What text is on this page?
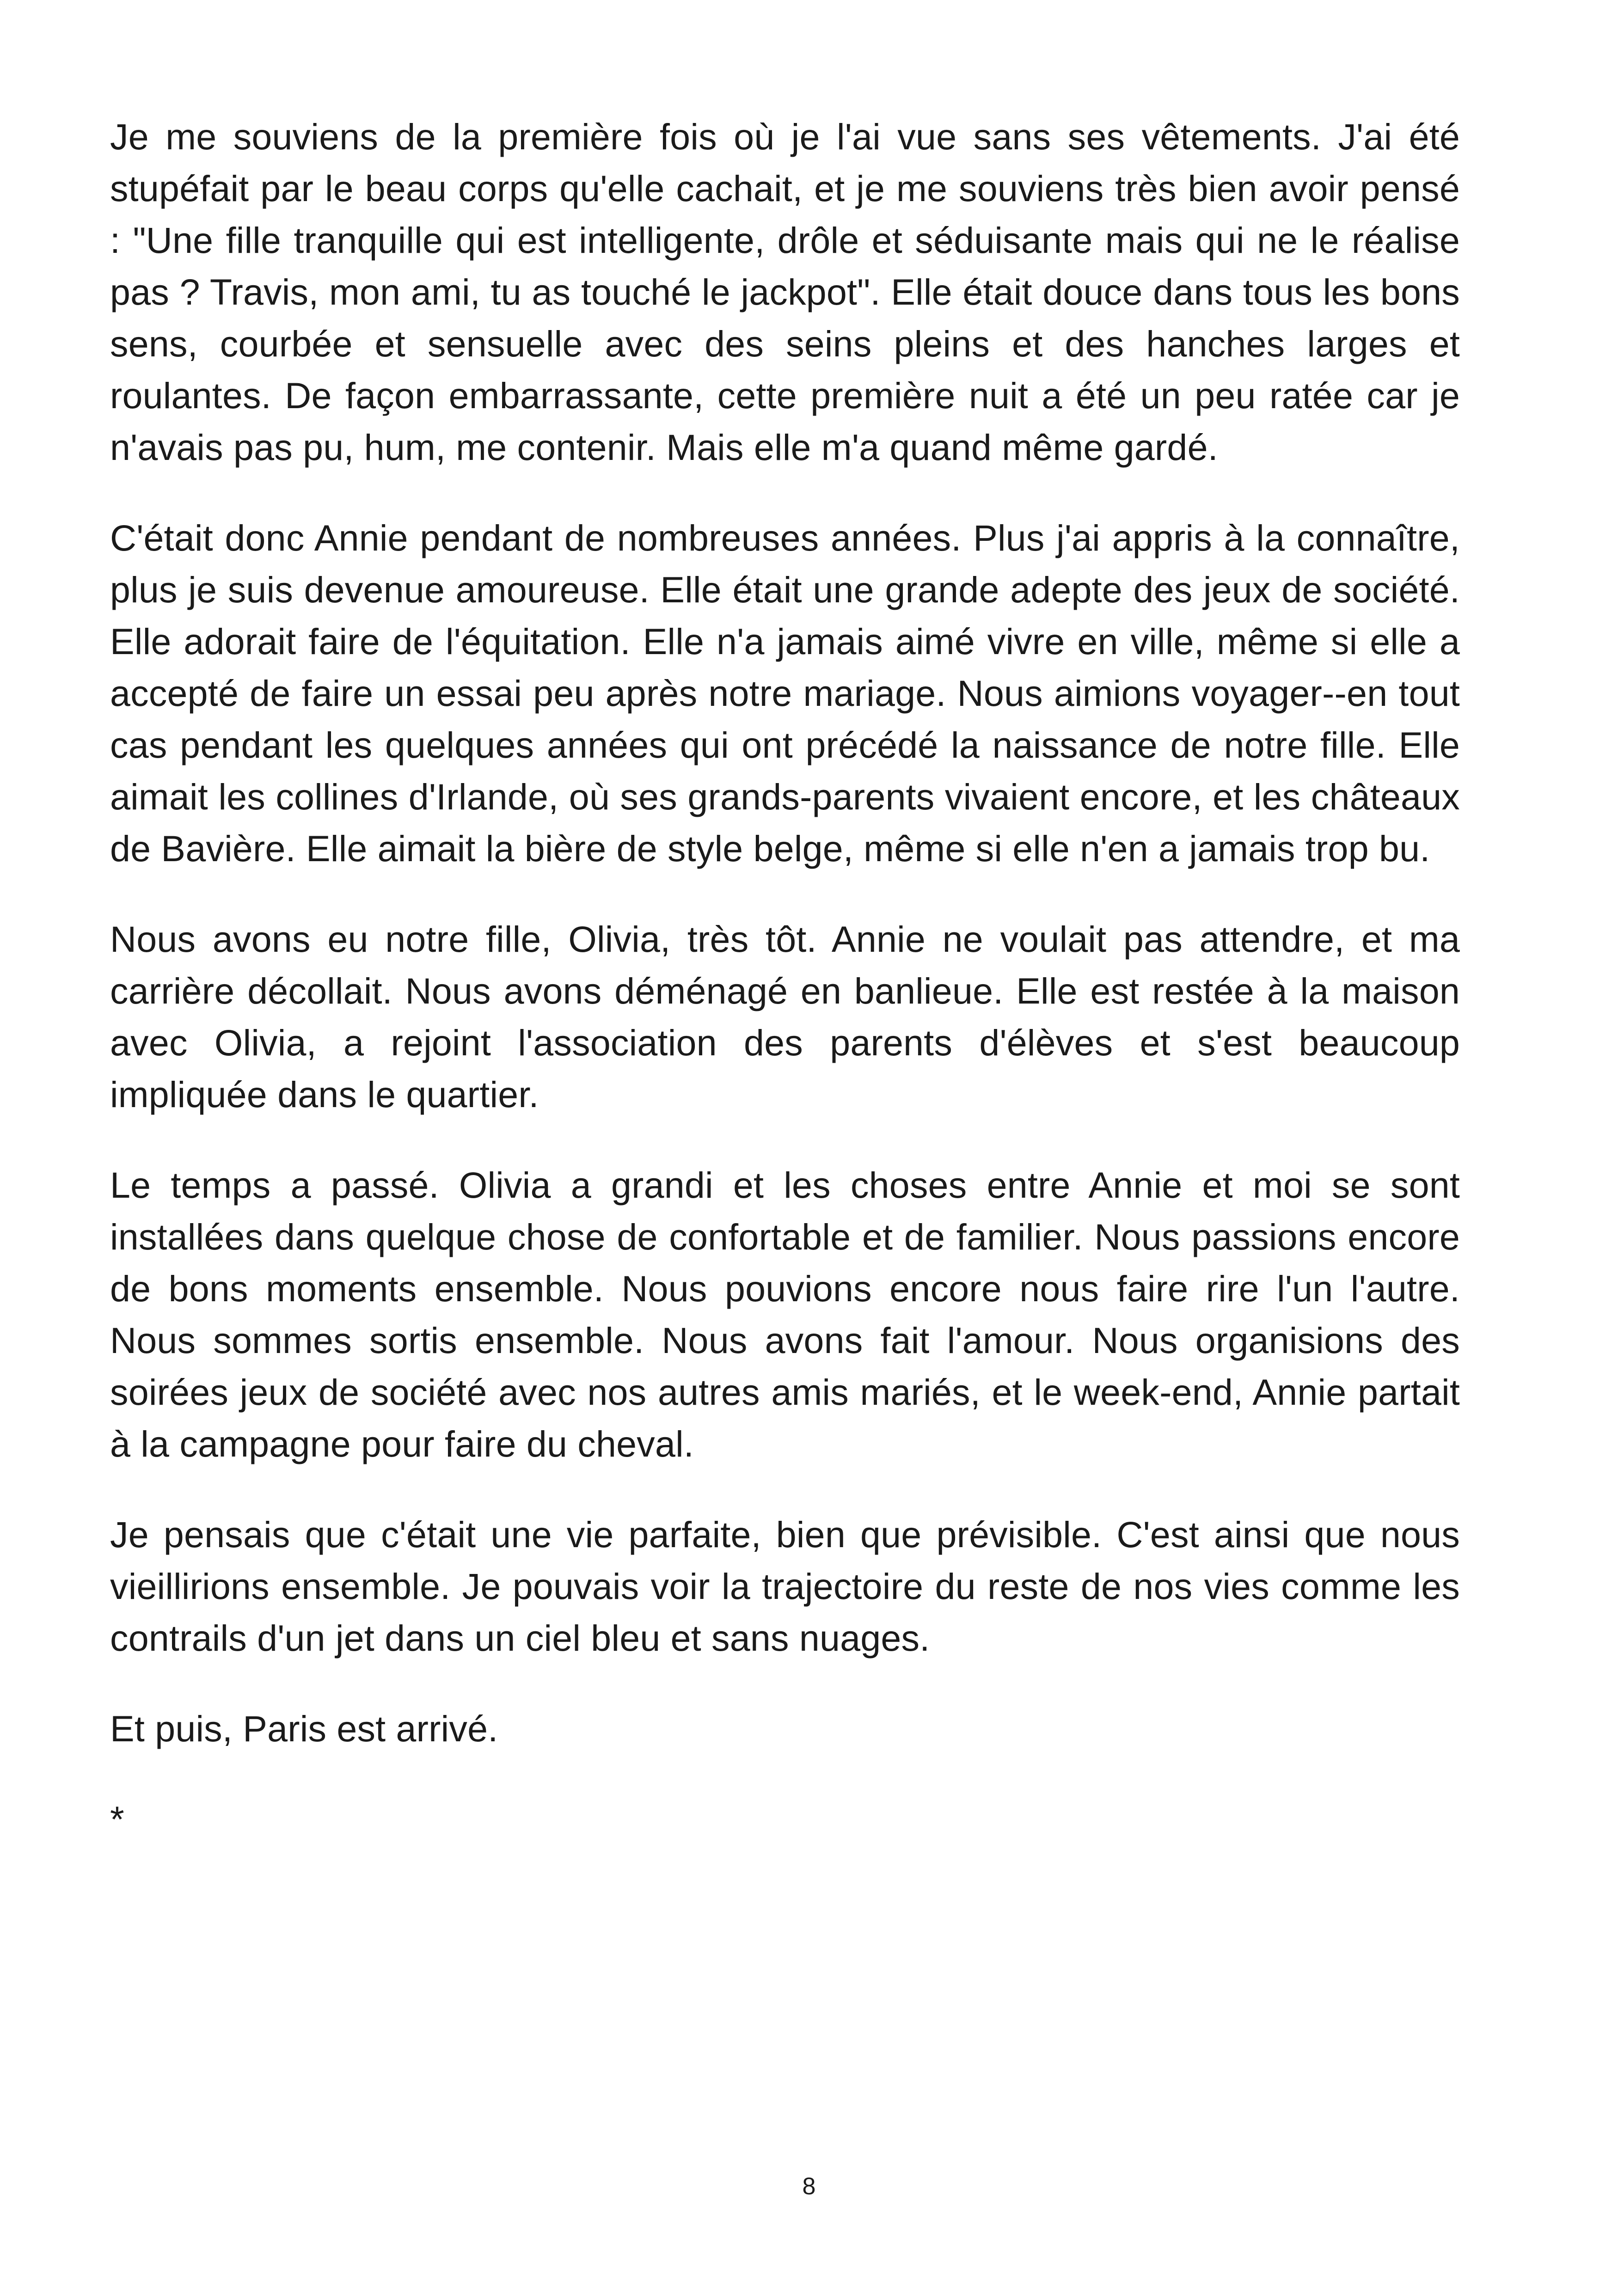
Je me souviens de la première fois où je l'ai vue sans ses vêtements. J'ai été stupéfait par le beau corps qu'elle cachait, et je me souviens très bien avoir pensé : "Une fille tranquille qui est intelligente, drôle et séduisante mais qui ne le réalise pas ? Travis, mon ami, tu as touché le jackpot". Elle était douce dans tous les bons sens, courbée et sensuelle avec des seins pleins et des hanches larges et roulantes. De façon embarrassante, cette première nuit a été un peu ratée car je n'avais pas pu, hum, me contenir. Mais elle m'a quand même gardé.

C'était donc Annie pendant de nombreuses années. Plus j'ai appris à la connaître, plus je suis devenue amoureuse. Elle était une grande adepte des jeux de société. Elle adorait faire de l'équitation. Elle n'a jamais aimé vivre en ville, même si elle a accepté de faire un essai peu après notre mariage. Nous aimions voyager--en tout cas pendant les quelques années qui ont précédé la naissance de notre fille. Elle aimait les collines d'Irlande, où ses grands-parents vivaient encore, et les châteaux de Bavière. Elle aimait la bière de style belge, même si elle n'en a jamais trop bu.

Nous avons eu notre fille, Olivia, très tôt. Annie ne voulait pas attendre, et ma carrière décollait. Nous avons déménagé en banlieue. Elle est restée à la maison avec Olivia, a rejoint l'association des parents d'élèves et s'est beaucoup impliquée dans le quartier.

Le temps a passé. Olivia a grandi et les choses entre Annie et moi se sont installées dans quelque chose de confortable et de familier. Nous passions encore de bons moments ensemble. Nous pouvions encore nous faire rire l'un l'autre. Nous sommes sortis ensemble. Nous avons fait l'amour. Nous organisions des soirées jeux de société avec nos autres amis mariés, et le week-end, Annie partait à la campagne pour faire du cheval.

Je pensais que c'était une vie parfaite, bien que prévisible. C'est ainsi que nous vieillirions ensemble. Je pouvais voir la trajectoire du reste de nos vies comme les contrails d'un jet dans un ciel bleu et sans nuages.

Et puis, Paris est arrivé.

*

8
